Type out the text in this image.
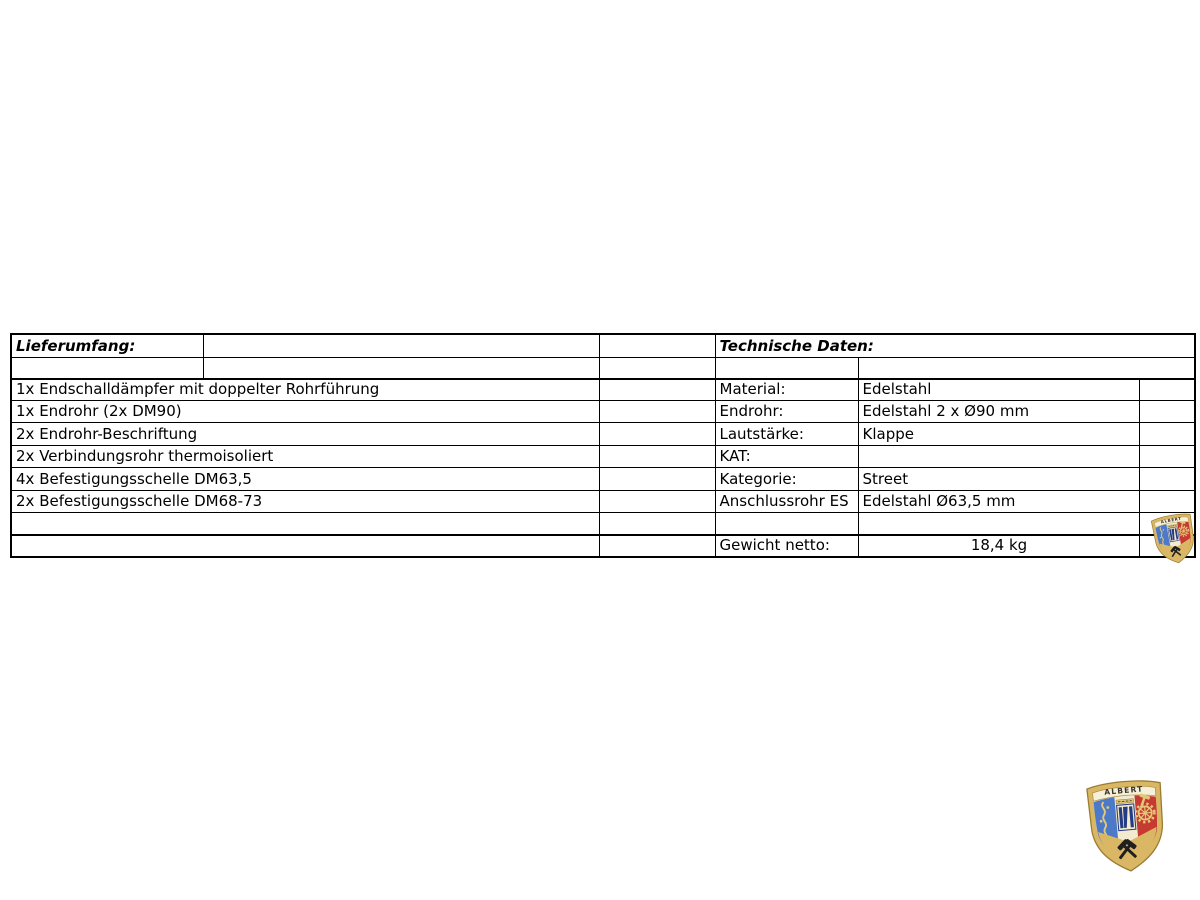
Lieferumfang:			Technische Daten:		

1x Endschalldämpfer mit doppelter Rohrführung			Material:	Edelstahl	
1x Endrohr (2x DM90)			Endrohr:	Edelstahl 2 x Ø90 mm	
2x Endrohr-Beschriftung			Lautstärke:	Klappe	
2x Verbindungsrohr thermoisoliert			KAT:		
4x Befestigungsschelle DM63,5			Kategorie:	Street	
2x Befestigungsschelle DM68-73			Anschlussrohr ES	Edelstahl Ø63,5 mm	

			Gewicht netto:	18,4 kg	
